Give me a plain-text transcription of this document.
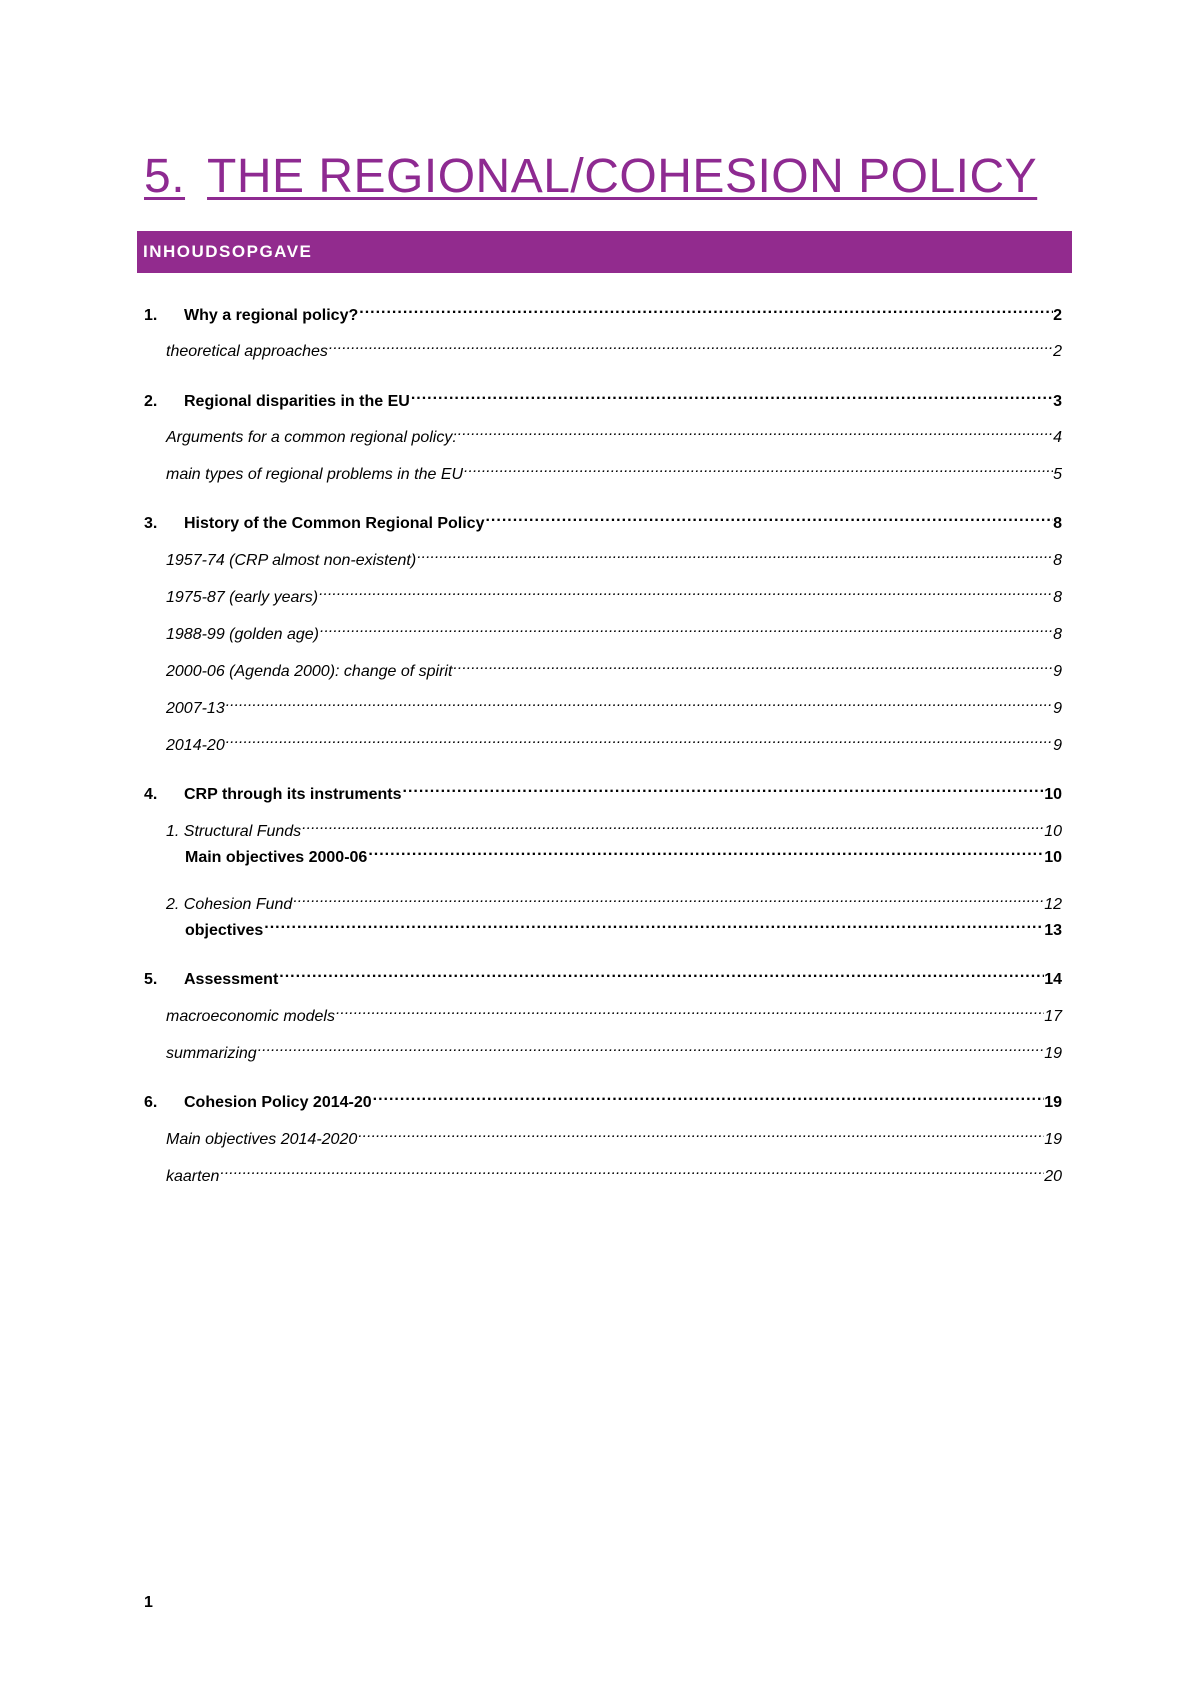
5. THE REGIONAL/COHESION POLICY
INHOUDSOPGAVE
1.	Why a regional policy? .....	2
theoretical approaches .....	2
2.	Regional disparities in the EU .....	3
Arguments for a common regional policy: .....	4
main types of regional problems in the EU .....	5
3.	History of the Common Regional Policy .....	8
1957-74 (CRP almost non-existent) .....	8
1975-87 (early years) .....	8
1988-99 (golden age) .....	8
2000-06 (Agenda 2000): change of spirit .....	9
2007-13 .....	9
2014-20 .....	9
4.	CRP through its instruments .....	10
1. Structural Funds .....	10
Main objectives 2000-06 .....	10
2. Cohesion Fund .....	12
objectives .....	13
5.	Assessment .....	14
macroeconomic models .....	17
summarizing .....	19
6.	Cohesion Policy 2014-20 .....	19
Main objectives 2014-2020 .....	19
kaarten .....	20
1
